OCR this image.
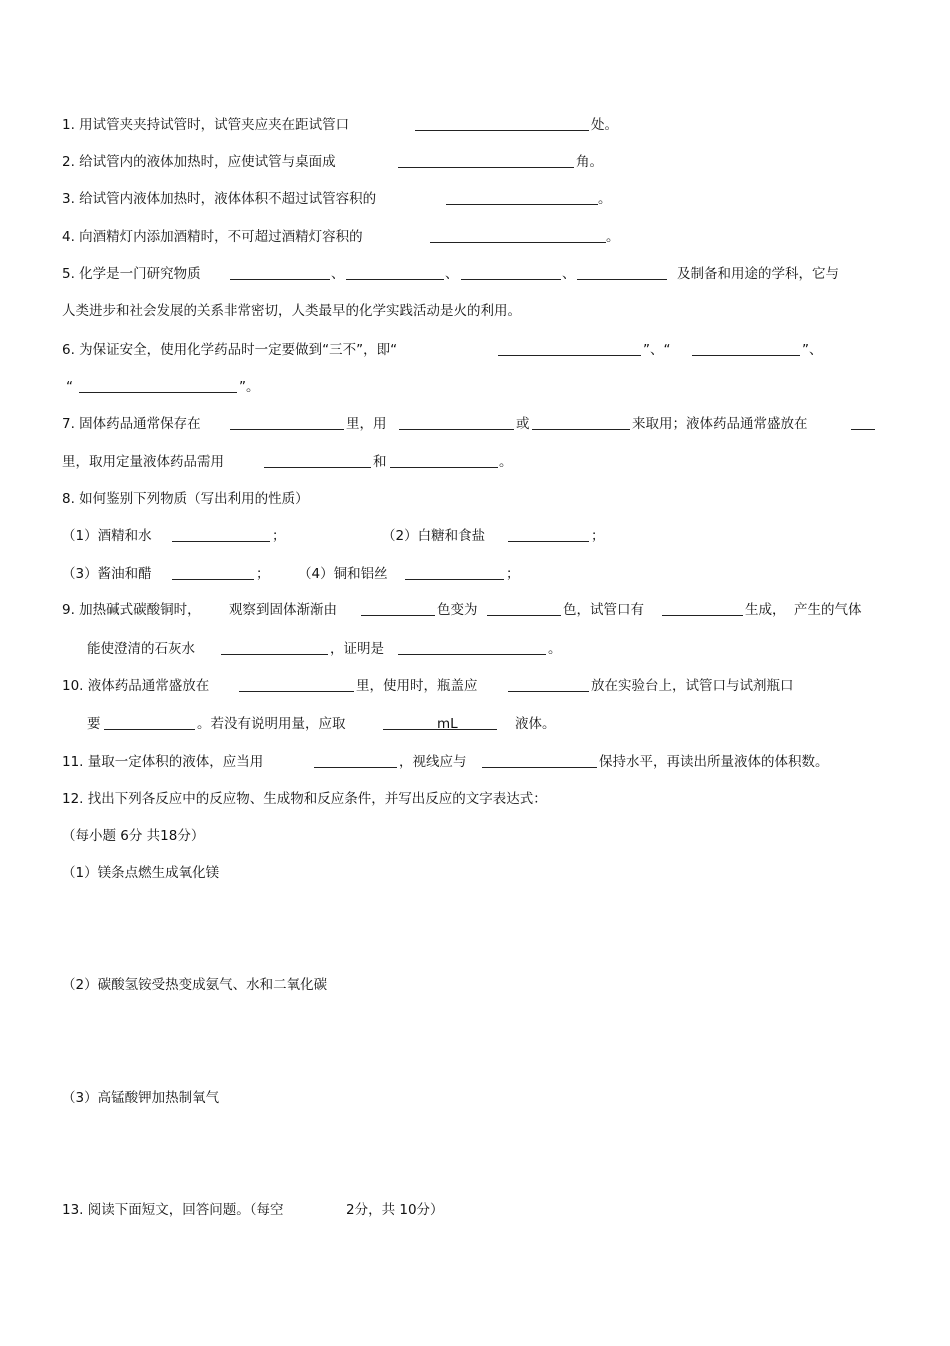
1. 用试管夹夹持试管时，试管夹应夹在距试管口	处。
2. 给试管内的液体加热时，应使试管与桌面成	角。
3. 给试管内液体加热时，液体体积不超过试管容积的	。
4. 向酒精灯内添加酒精时，不可超过酒精灯容积的	。
5. 化学是一门研究物质	、	、	、	及制备和用途的学科，它与
人类进步和社会发展的关系非常密切，人类最早的化学实践活动是火的利用。
6. 为保证安全，使用化学药品时一定要做到“三不”，即“	”、“	”、
“	”。
7. 固体药品通常保存在	里，用	或	来取用；液体药品通常盛放在
里，取用定量液体药品需用	和	。
8. 如何鉴别下列物质（写出利用的性质）
（1）酒精和水	；	（2）白糖和食盐	；
（3）酱油和醋	； （4）铜和铝丝	；
9. 加热碱式碳酸铜时， 观察到固体渐渐由	色变为	色，试管口有	生成， 产生的气体
能使澄清的石灰水	，证明是	。
10. 液体药品通常盛放在	里，使用时，瓶盖应	放在实验台上，试管口与试剂瓶口
要	。若没有说明用量，应取	mL	液体。
11. 量取一定体积的液体，应当用	，视线应与	保持水平，再读出所量液体的体积数。
12. 找出下列各反应中的反应物、生成物和反应条件，并写出反应的文字表达式：
（每小题 6分 共18分）
（1）镁条点燃生成氧化镁
（2）碳酸氢铵受热变成氨气、水和二氧化碳
（3）高锰酸钾加热制氧气
13. 阅读下面短文，回答问题。（每空	2分，共 10分）
